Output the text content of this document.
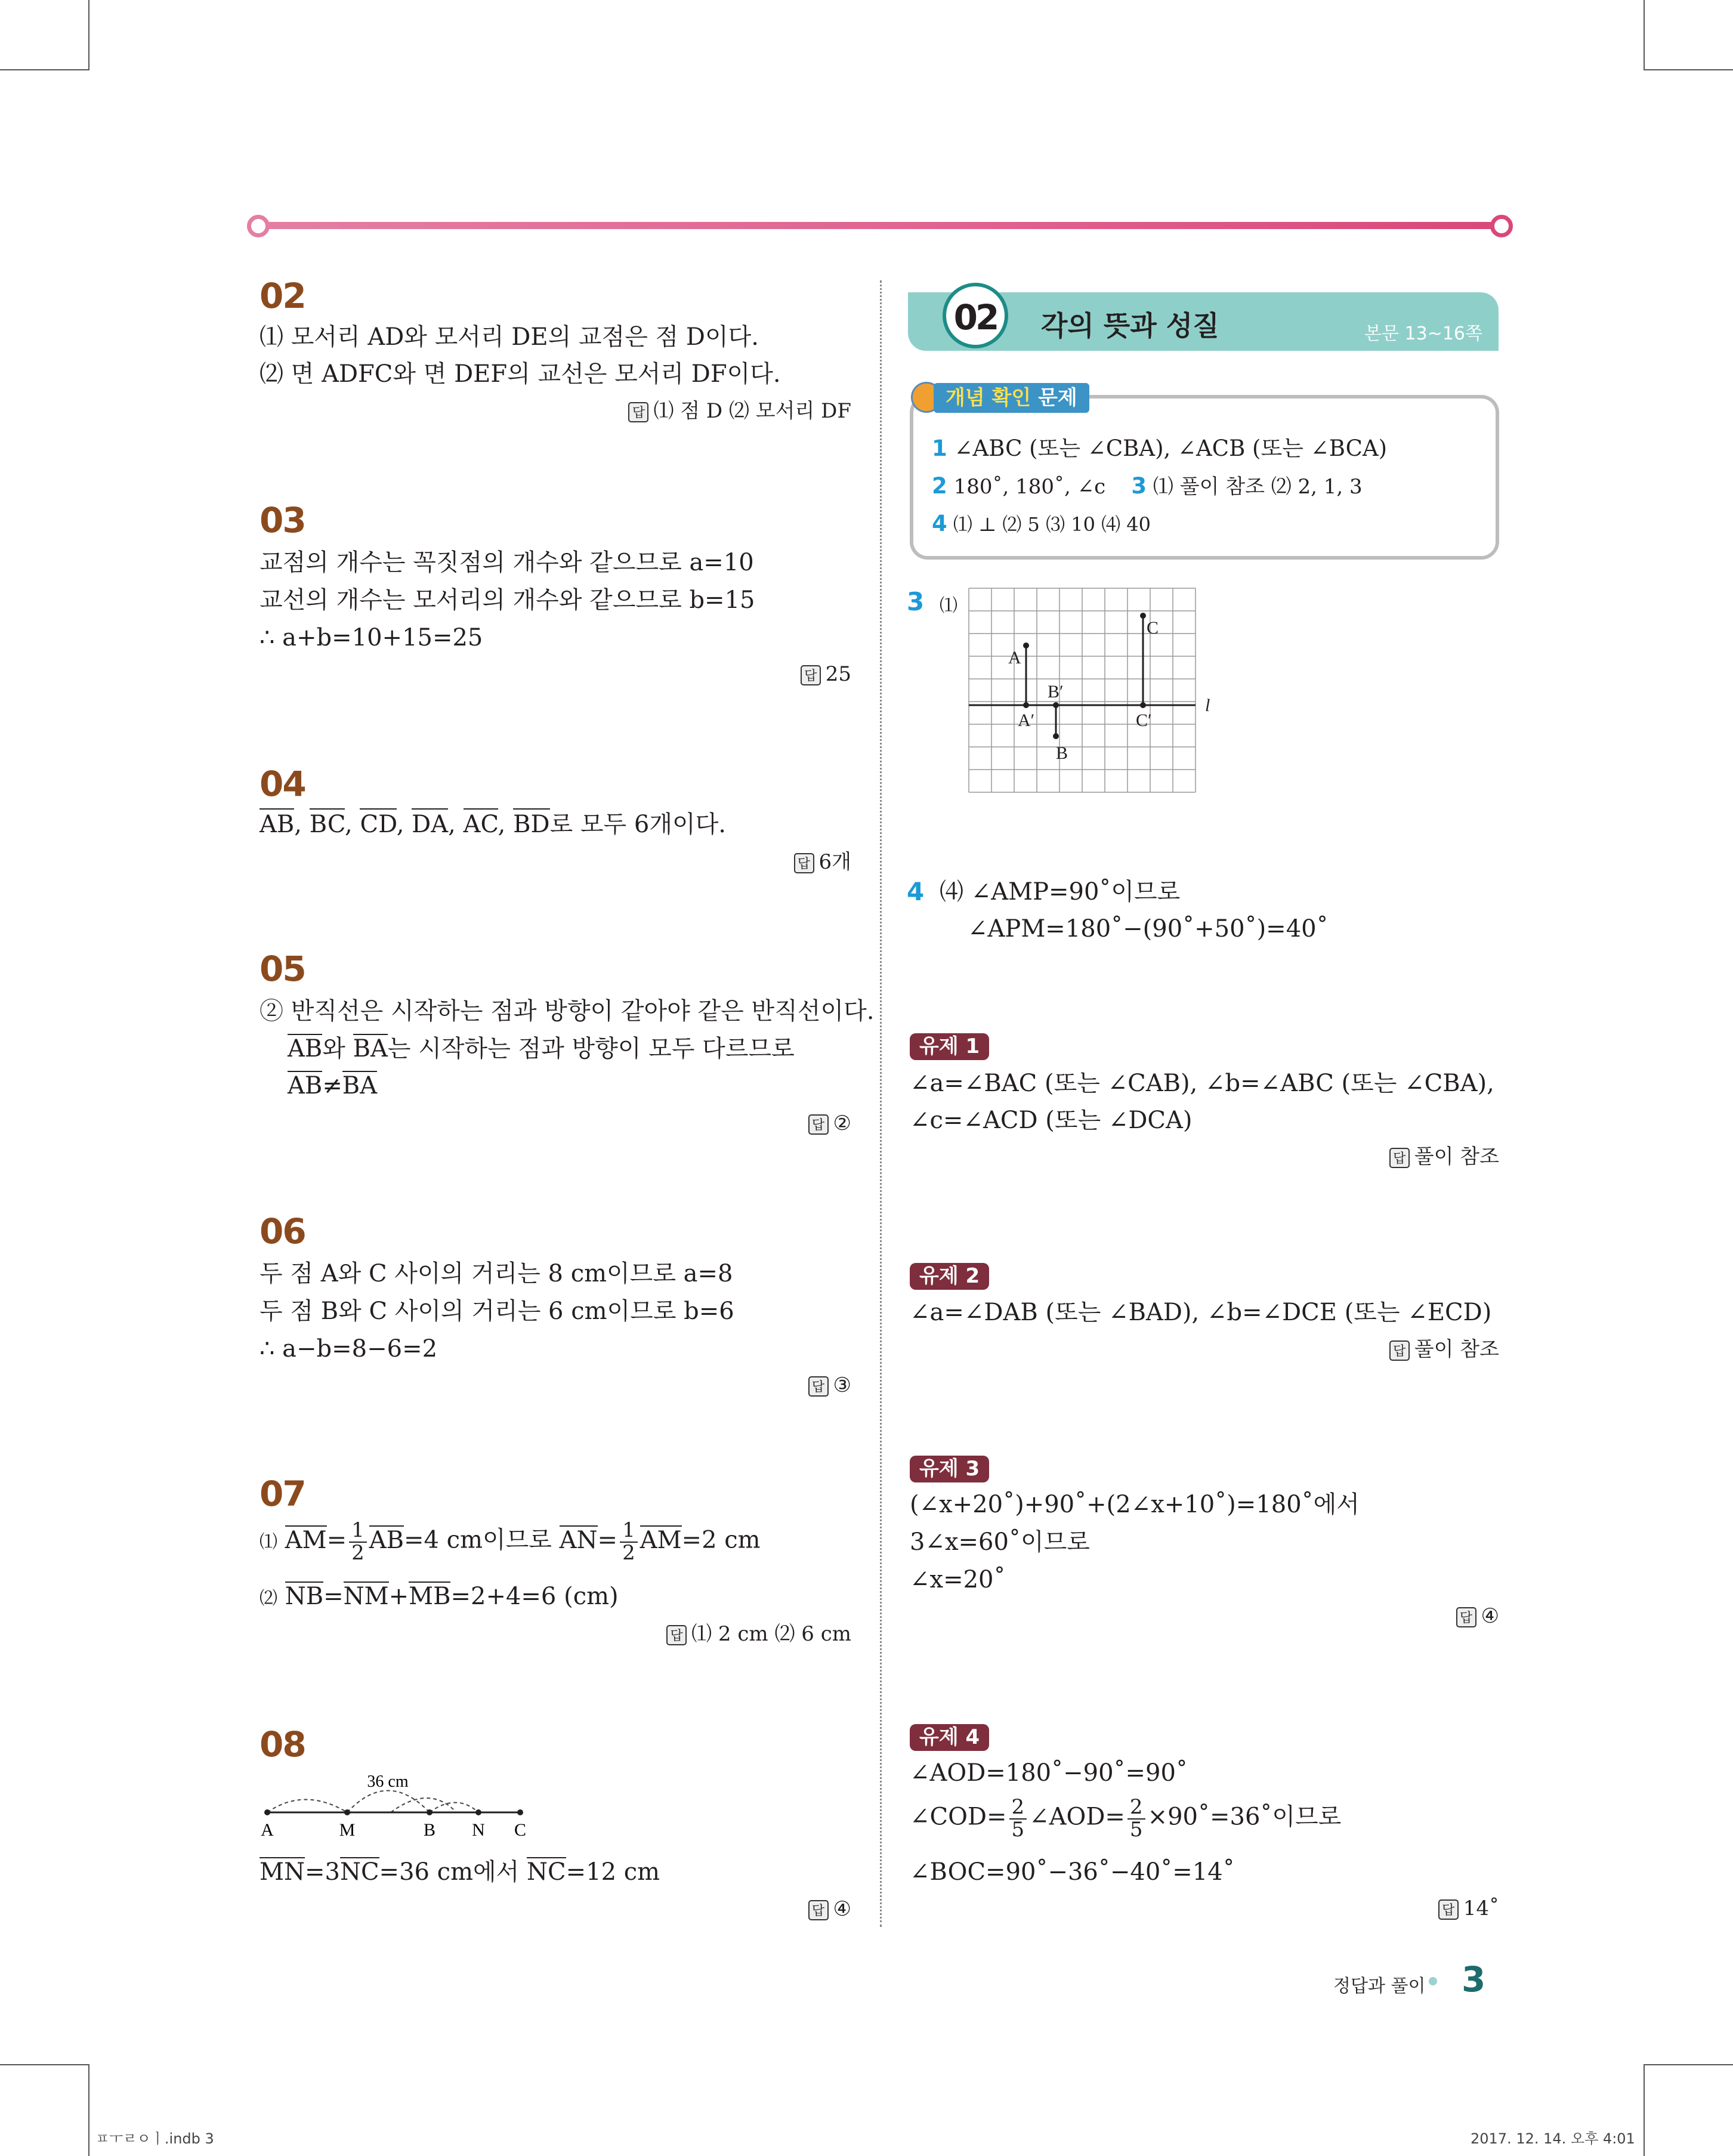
02
⑴ 모서리 AD와 모서리 DE의 교점은 점 D이다.
⑵ 면 ADFC와 면 DEF의 교선은 모서리 DF이다.
답 ⑴ 점 D ⑵ 모서리 DF
03
교점의 개수는 꼭짓점의 개수와 같으므로 a=10
교선의 개수는 모서리의 개수와 같으므로 b=15
∴ a+b=10+15=25
답 25
04
AB, BC, CD, DA, AC, BD로 모두 6개이다.
답 6개
05
② 반직선은 시작하는 점과 방향이 같아야 같은 반직선이다.
AB와 BA는 시작하는 점과 방향이 모두 다르므로
AB≠BA
답 ②
06
두 점 A와 C 사이의 거리는 8 cm이므로 a=8
두 점 B와 C 사이의 거리는 6 cm이므로 b=6
∴ a−b=8−6=2
답 ③
07
⑴ $AM= \frac{1}{2} AB=4$ cm이므로 $AN= \frac{1}{2} AM=2$ cm
⑵ NB=NM+MB=2+4=6 (cm)
답 ⑴ 2 cm ⑵ 6 cm
08
36 cm
A	M	B N C
MN=3NC=36 cm에서 NC=12 cm
답 ④
02	각의 뜻과 성질	본문 13~16쪽
개념 확인 문제
1 ∠ABC (또는 ∠CBA), ∠ACB (또는 ∠BCA)
2 180˚, 180˚, ∠c 3 ⑴ 풀이 참조 ⑵ 2, 1, 3
4 ⑴ ⊥ ⑵ 5 ⑶ 10 ⑷ 40
3 ⑴
A
A′
B
B′
C
C′
l
4 ⑷ ∠AMP=90˚이므로
∠APM=180˚−(90˚+50˚)=40˚
유제 1
∠a=∠BAC (또는 ∠CAB), ∠b=∠ABC (또는 ∠CBA),
∠c=∠ACD (또는 ∠DCA)
답 풀이 참조
유제 2
∠a=∠DAB (또는 ∠BAD), ∠b=∠DCE (또는 ∠ECD)
답 풀이 참조
유제 3
(∠x+20˚)+90˚+(2∠x+10˚)=180˚에서
3∠x=60˚이므로
∠x=20˚
답 ④
유제 4
∠AOD=180˚−90˚=90˚
∠COD= $\frac{2}{5}$ ∠AOD= $\frac{2}{5}$ ×90˚=36˚이므로
∠BOC=90˚−36˚−40˚=14˚
답 14˚
정답과 풀이 3
ㅍㅜㄹㅇㅣ.indb 3	2017. 12. 14. 오후 4:01
